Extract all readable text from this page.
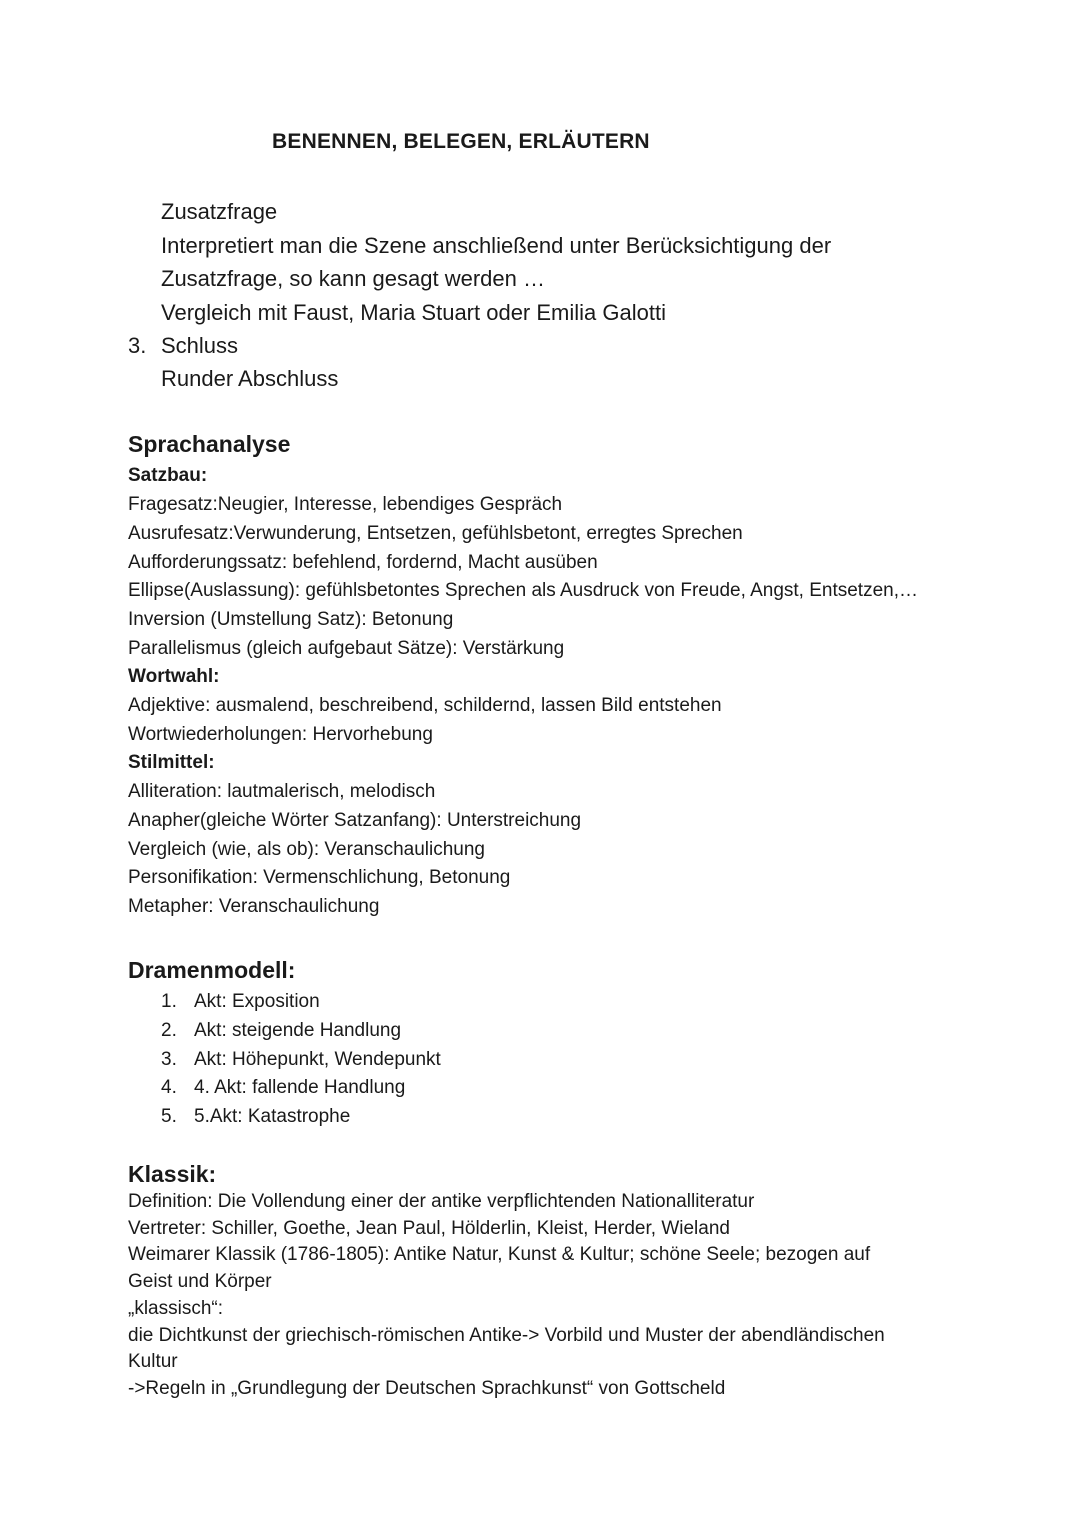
BENENNEN, BELEGEN, ERLÄUTERN
Zusatzfrage
Interpretiert man die Szene anschließend unter Berücksichtigung der
Zusatzfrage, so kann gesagt werden …
Vergleich mit Faust, Maria Stuart oder Emilia Galotti
3. Schluss
Runder Abschluss
Sprachanalyse
Satzbau:
Fragesatz:Neugier, Interesse, lebendiges Gespräch
Ausrufesatz:Verwunderung, Entsetzen, gefühlsbetont, erregtes Sprechen
Aufforderungssatz: befehlend, fordernd, Macht ausüben
Ellipse(Auslassung): gefühlsbetontes Sprechen als Ausdruck von Freude, Angst, Entsetzen,…
Inversion (Umstellung Satz): Betonung
Parallelismus (gleich aufgebaut Sätze): Verstärkung
Wortwahl:
Adjektive: ausmalend, beschreibend, schildernd, lassen Bild entstehen
Wortwiederholungen: Hervorhebung
Stilmittel:
Alliteration: lautmalerisch, melodisch
Anapher(gleiche Wörter Satzanfang): Unterstreichung
Vergleich (wie, als ob): Veranschaulichung
Personifikation: Vermenschlichung, Betonung
Metapher: Veranschaulichung
Dramenmodell:
1. Akt: Exposition
2. Akt: steigende Handlung
3. Akt: Höhepunkt, Wendepunkt
4. 4. Akt: fallende Handlung
5. 5.Akt: Katastrophe
Klassik:
Definition: Die Vollendung einer der antike verpflichtenden Nationalliteratur
Vertreter: Schiller, Goethe, Jean Paul, Hölderlin, Kleist, Herder, Wieland
Weimarer Klassik (1786-1805): Antike Natur, Kunst & Kultur; schöne Seele; bezogen auf
Geist und Körper
„klassisch“:
die Dichtkunst der griechisch-römischen Antike-> Vorbild und Muster der abendländischen
Kultur
->Regeln in „Grundlegung der Deutschen Sprachkunst“ von Gottscheld
